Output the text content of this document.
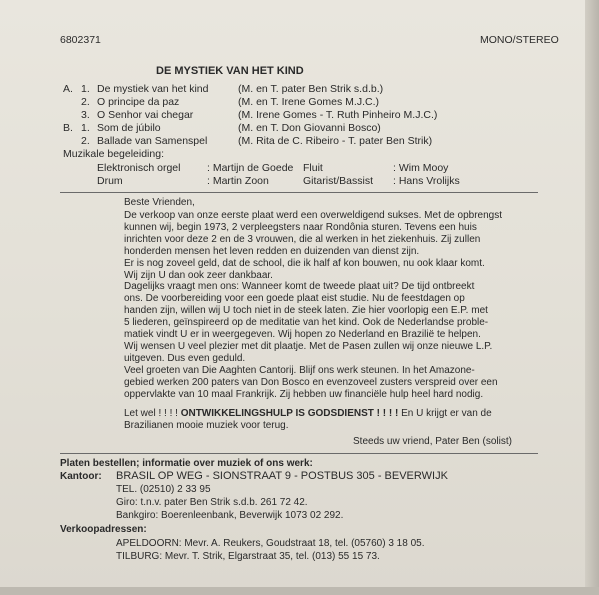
6802371	MONO/STEREO
DE MYSTIEK VAN HET KIND
A. 1. De mystiek van het kind	(M. en T. pater Ben Strik s.d.b.)
2. O principe da paz	(M. en T. Irene Gomes M.J.C.)
3. O Senhor vai chegar	(M. Irene Gomes - T. Ruth Pinheiro M.J.C.)
B. 1. Som de júbilo	(M. en T. Don Giovanni Bosco)
2. Ballade van Samenspel	(M. Rita de C. Ribeiro - T. pater Ben Strik)
Muzikale begeleiding:
Elektronisch orgel	: Martijn de Goede Fluit	: Wim Mooy
Drum	: Martin Zoon	Gitarist/Bassist : Hans Vrolijks
Beste Vrienden,
De verkoop van onze eerste plaat werd een overweldigend sukses. Met de opbrengst
kunnen wij, begin 1973, 2 verpleegsters naar Rondônia sturen. Tevens een huis
inrichten voor deze 2 en de 3 vrouwen, die al werken in het ziekenhuis. Zij zullen
honderden mensen het leven redden en duizenden van dienst zijn.
Er is nog zoveel geld, dat de school, die ik half af kon bouwen, nu ook klaar komt.
Wij zijn U dan ook zeer dankbaar.
Dagelijks vraagt men ons: Wanneer komt de tweede plaat uit? De tijd ontbreekt
ons. De voorbereiding voor een goede plaat eist studie. Nu de feestdagen op
handen zijn, willen wij U toch niet in de steek laten. Zie hier voorlopig een E.P. met
5 liederen, geïnspireerd op de meditatie van het kind. Ook de Nederlandse proble-
matiek vindt U er in weergegeven. Wij hopen zo Nederland en Brazilië te helpen.
Wij wensen U veel plezier met dit plaatje. Met de Pasen zullen wij onze nieuwe L.P.
uitgeven. Dus even geduld.
Veel groeten van Die Aaghten Cantorij. Blijf ons werk steunen. In het Amazone-
gebied werken 200 paters van Don Bosco en evenzoveel zusters verspreid over een
oppervlakte van 10 maal Frankrijk. Zij hebben uw financiële hulp heel hard nodig.
Let wel ! ! ! ! ONTWIKKELINGSHULP IS GODSDIENST ! ! ! ! En U krijgt er van de
Brazilianen mooie muziek voor terug.
Steeds uw vriend, Pater Ben (solist)
Platen bestellen; informatie over muziek of ons werk:
Kantoor: BRASIL OP WEG - SIONSTRAAT 9 - POSTBUS 305 - BEVERWIJK
TEL. (02510) 2 33 95
Giro: t.n.v. pater Ben Strik s.d.b. 261 72 42.
Bankgiro: Boerenleenbank, Beverwijk 1073 02 292.
Verkoopadressen:
APELDOORN: Mevr. A. Reukers, Goudstraat 18, tel. (05760) 3 18 05.
TILBURG: Mevr. T. Strik, Elgarstraat 35, tel. (013) 55 15 73.
